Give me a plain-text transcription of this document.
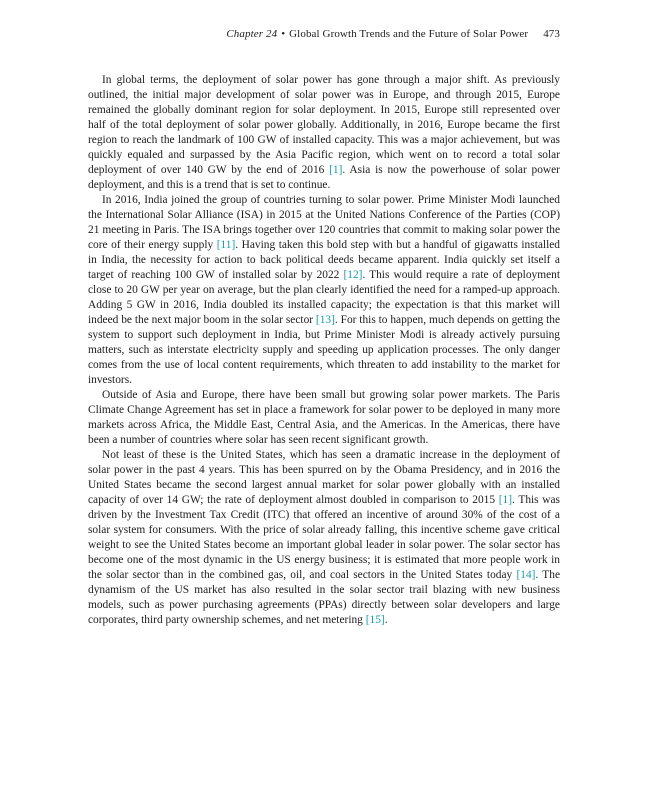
Chapter 24 • Global Growth Trends and the Future of Solar Power 473

In global terms, the deployment of solar power has gone through a major shift. As previously outlined, the initial major development of solar power was in Europe, and through 2015, Europe remained the globally dominant region for solar deployment. In 2015, Europe still represented over half of the total deployment of solar power globally. Additionally, in 2016, Europe became the first region to reach the landmark of 100 GW of installed capacity. This was a major achievement, but was quickly equaled and surpassed by the Asia Pacific region, which went on to record a total solar deployment of over 140 GW by the end of 2016 [1]. Asia is now the powerhouse of solar power deployment, and this is a trend that is set to continue.

In 2016, India joined the group of countries turning to solar power. Prime Minister Modi launched the International Solar Alliance (ISA) in 2015 at the United Nations Conference of the Parties (COP) 21 meeting in Paris. The ISA brings together over 120 countries that commit to making solar power the core of their energy supply [11]. Having taken this bold step with but a handful of gigawatts installed in India, the necessity for action to back political deeds became apparent. India quickly set itself a target of reaching 100 GW of installed solar by 2022 [12]. This would require a rate of deployment close to 20 GW per year on average, but the plan clearly identified the need for a ramped-up approach. Adding 5 GW in 2016, India doubled its installed capacity; the expectation is that this market will indeed be the next major boom in the solar sector [13]. For this to happen, much depends on getting the system to support such deployment in India, but Prime Minister Modi is already actively pursuing matters, such as interstate electricity supply and speeding up application processes. The only danger comes from the use of local content requirements, which threaten to add instability to the market for investors.

Outside of Asia and Europe, there have been small but growing solar power markets. The Paris Climate Change Agreement has set in place a framework for solar power to be deployed in many more markets across Africa, the Middle East, Central Asia, and the Americas. In the Americas, there have been a number of countries where solar has seen recent significant growth.

Not least of these is the United States, which has seen a dramatic increase in the deployment of solar power in the past 4 years. This has been spurred on by the Obama Presidency, and in 2016 the United States became the second largest annual market for solar power globally with an installed capacity of over 14 GW; the rate of deployment almost doubled in comparison to 2015 [1]. This was driven by the Investment Tax Credit (ITC) that offered an incentive of around 30% of the cost of a solar system for consumers. With the price of solar already falling, this incentive scheme gave critical weight to see the United States become an important global leader in solar power. The solar sector has become one of the most dynamic in the US energy business; it is estimated that more people work in the solar sector than in the combined gas, oil, and coal sectors in the United States today [14]. The dynamism of the US market has also resulted in the solar sector trail blazing with new business models, such as power purchasing agreements (PPAs) directly between solar developers and large corporates, third party ownership schemes, and net metering [15].
